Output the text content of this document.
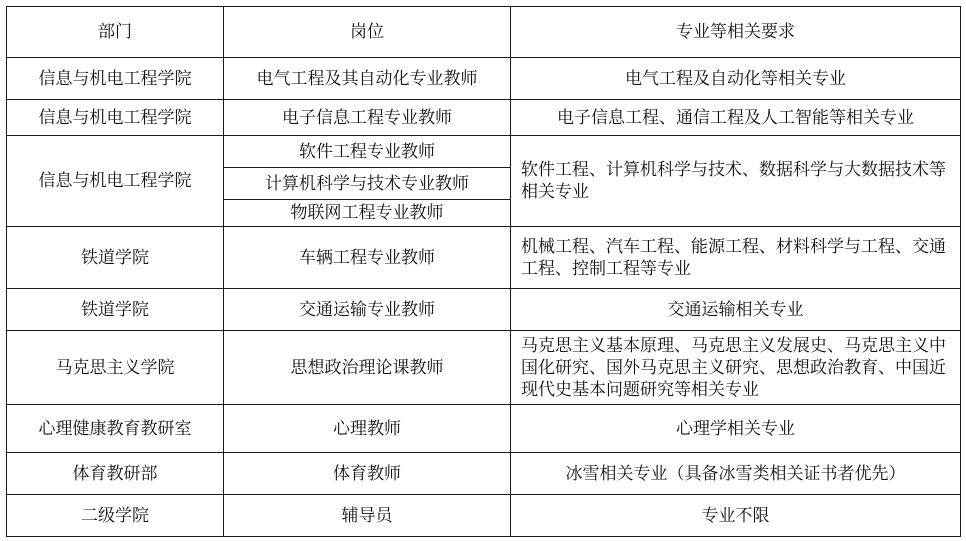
部门	岗位	专业等相关要求
信息与机电工程学院	电气工程及其自动化专业教师	电气工程及自动化等相关专业
信息与机电工程学院	电子信息工程专业教师	电子信息工程、通信工程及人工智能等相关专业
信息与机电工程学院	软件工程专业教师	软件工程、计算机科学与技术、数据科学与大数据技术等相关专业
	计算机科学与技术专业教师	
	物联网工程专业教师	
铁道学院	车辆工程专业教师	机械工程、汽车工程、能源工程、材料科学与工程、交通工程、控制工程等专业
铁道学院	交通运输专业教师	交通运输相关专业
马克思主义学院	思想政治理论课教师	马克思主义基本原理、马克思主义发展史、马克思主义中国化研究、国外马克思主义研究、思想政治教育、中国近现代史基本问题研究等相关专业
心理健康教育教研室	心理教师	心理学相关专业
体育教研部	体育教师	冰雪相关专业（具备冰雪类相关证书者优先）
二级学院	辅导员	专业不限
